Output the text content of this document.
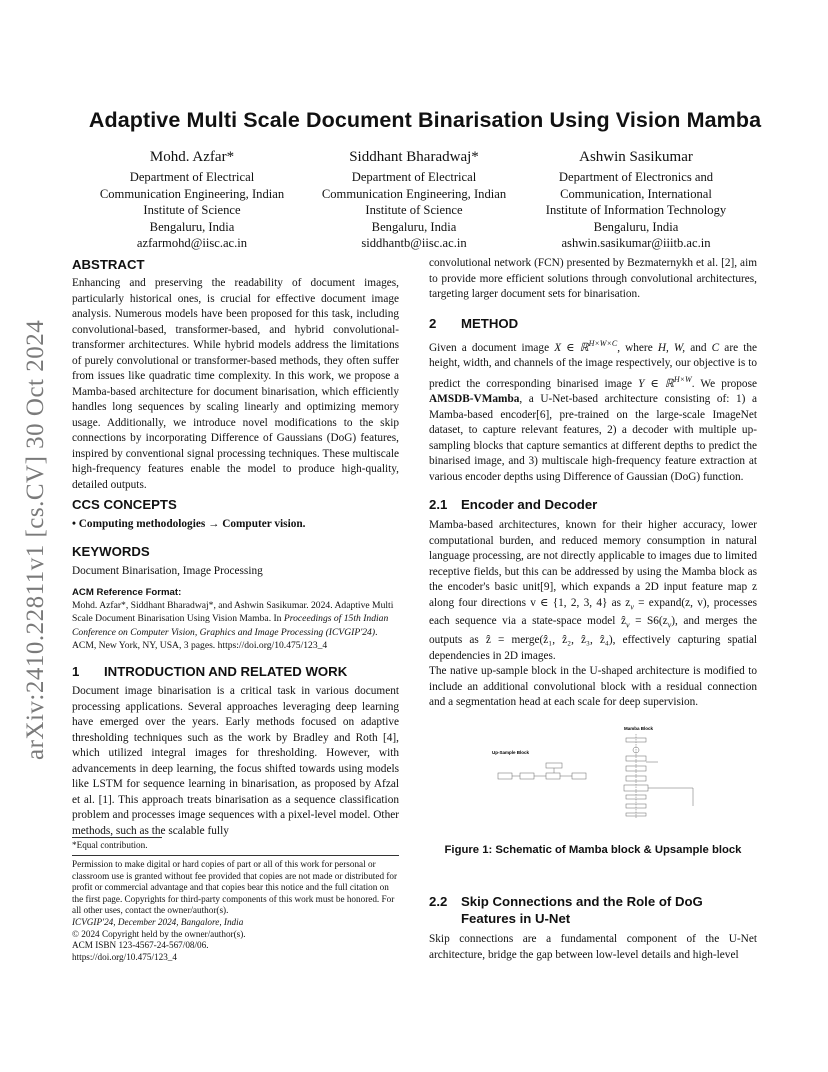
arXiv:2410.22811v1 [cs.CV] 30 Oct 2024
Adaptive Multi Scale Document Binarisation Using Vision Mamba
Mohd. Azfar*
Department of Electrical
Communication Engineering, Indian
Institute of Science
Bengaluru, India
azfarmohd@iisc.ac.in
Siddhant Bharadwaj*
Department of Electrical
Communication Engineering, Indian
Institute of Science
Bengaluru, India
siddhantb@iisc.ac.in
Ashwin Sasikumar
Department of Electronics and
Communication, International
Institute of Information Technology
Bengaluru, India
ashwin.sasikumar@iiitb.ac.in
ABSTRACT

Enhancing and preserving the readability of document images, particularly historical ones, is crucial for effective document image analysis. Numerous models have been proposed for this task, including convolutional-based, transformer-based, and hybrid convolutional-transformer architectures. While hybrid models address the limitations of purely convolutional or transformer-based methods, they often suffer from issues like quadratic time complexity. In this work, we propose a Mamba-based architecture for document binarisation, which efficiently handles long sequences by scaling linearly and optimizing memory usage. Additionally, we introduce novel modifications to the skip connections by incorporating Difference of Gaussians (DoG) features, inspired by conventional signal processing techniques. These multiscale high-frequency features enable the model to produce high-quality, detailed outputs.

CCS CONCEPTS

• Computing methodologies → Computer vision.

KEYWORDS

Document Binarisation, Image Processing

ACM Reference Format:
Mohd. Azfar*, Siddhant Bharadwaj*, and Ashwin Sasikumar. 2024. Adaptive Multi Scale Document Binarisation Using Vision Mamba. In Proceedings of 15th Indian Conference on Computer Vision, Graphics and Image Processing (ICVGIP'24). ACM, New York, NY, USA, 3 pages. https://doi.org/10.475/123_4
1 INTRODUCTION AND RELATED WORK

Document image binarisation is a critical task in various document processing applications. Several approaches leveraging deep learning have emerged over the years. Early methods focused on adaptive thresholding techniques such as the work by Bradley and Roth [4], which utilized integral images for thresholding. However, with advancements in deep learning, the focus shifted towards using models like LSTM for sequence learning in binarisation, as proposed by Afzal et al. [1]. This approach treats binarisation as a sequence classification problem and processes image sequences with a pixel-level model. Other methods, such as the scalable fully

*Equal contribution.
Permission to make digital or hard copies of part or all of this work for personal or classroom use is granted without fee provided that copies are not made or distributed for profit or commercial advantage and that copies bear this notice and the full citation on the first page. Copyrights for third-party components of this work must be honored. For all other uses, contact the owner/author(s).
ICVGIP'24, December 2024, Bangalore, India
© 2024 Copyright held by the owner/author(s).
ACM ISBN 123-4567-24-567/08/06.
https://doi.org/10.475/123_4
convolutional network (FCN) presented by Bezmaternykh et al. [2], aim to provide more efficient solutions through convolutional architectures, targeting larger document sets for binarisation.
2 METHOD

Given a document image X ∈ ℝ$^{H\times W\times C}$, where H, W, and C are the height, width, and channels of the image respectively, our objective is to predict the corresponding binarised image Y ∈ ℝ$^{H\times W}$. We propose AMSDB-VMamba, a U-Net-based architecture consisting of: 1) a Mamba-based encoder[6], pre-trained on the large-scale ImageNet dataset, to capture relevant features, 2) a decoder with multiple up-sampling blocks that capture semantics at different depths to predict the binarised image, and 3) multiscale high-frequency feature extraction at various encoder depths using Difference of Gaussian (DoG) function.

2.1 Encoder and Decoder

Mamba-based architectures, known for their higher accuracy, lower computational burden, and reduced memory consumption in natural language processing, are not directly applicable to images due to limited receptive fields, but this can be addressed by using the Mamba block as the encoder's basic unit[9], which expands a 2D input feature map z along four directions v ∈ {1, 2, 3, 4} as $z_v$ = expand(z, v), processes each sequence via a state-space model ẑ$_v$ = $S6(z_v)$, and merges the outputs as ẑ = merge(ẑ₁, ẑ₂, ẑ₃, ẑ₄), effectively capturing spatial dependencies in 2D images.

The native up-sample block in the U-shaped architecture is modified to include an additional convolutional block with a residual connection and a segmentation head at each scale for deep supervision.

Up-Sample Block
Mamba Block
Figure 1: Schematic of Mamba block & Upsample block
2.2 Skip Connections and the Role of DoG
Features in U-Net

Skip connections are a fundamental component of the U-Net architecture, bridge the gap between low-level details and high-level
